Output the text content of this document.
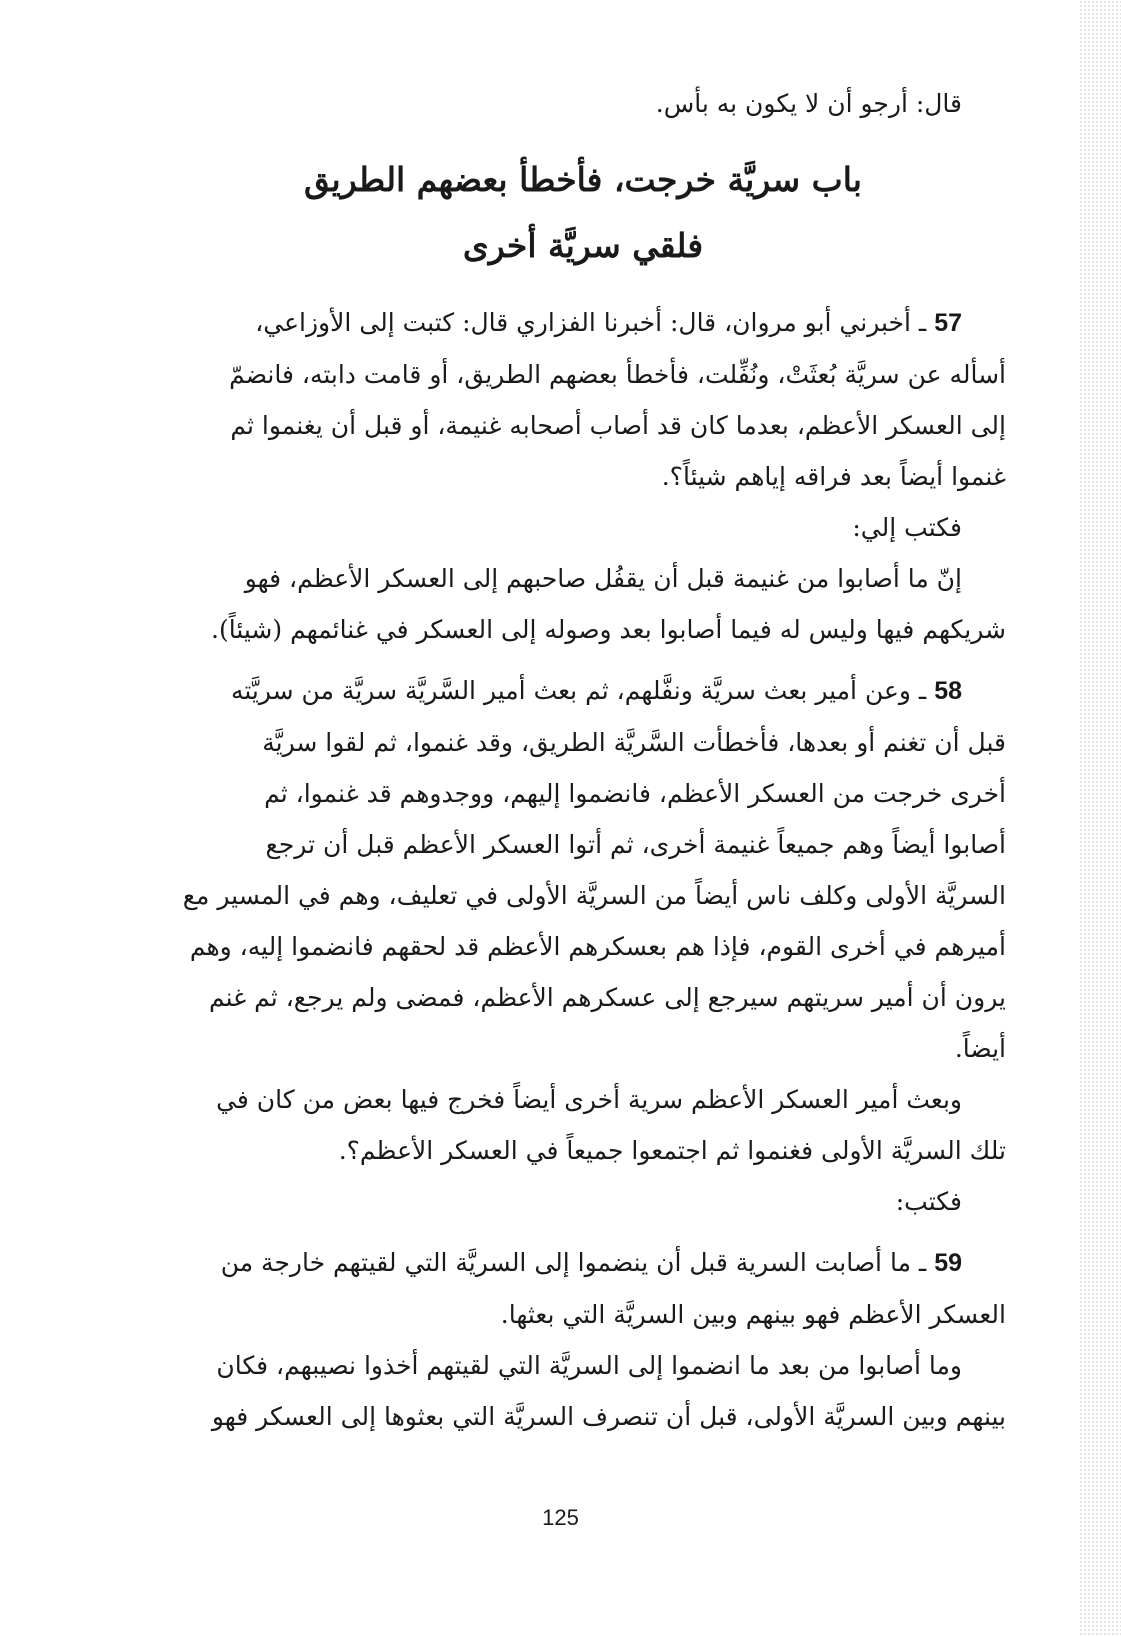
قال: أرجو أن لا يكون به بأس.
باب سريَّة خرجت، فأخطأ بعضهم الطريق
فلقي سريَّة أخرى
57 ـ أخبرني أبو مروان، قال: أخبرنا الفزاري قال: كتبت إلى الأوزاعي،
أسأله عن سريَّة بُعثَتْ، ونُفِّلت، فأخطأ بعضهم الطريق، أو قامت دابته، فانضمّ
إلى العسكر الأعظم، بعدما كان قد أصاب أصحابه غنيمة، أو قبل أن يغنموا ثم
غنموا أيضاً بعد فراقه إياهم شيئاً؟.
فكتب إلي:
إنّ ما أصابوا من غنيمة قبل أن يقفُل صاحبهم إلى العسكر الأعظم، فهو
شريكهم فيها وليس له فيما أصابوا بعد وصوله إلى العسكر في غنائمهم (شيئاً).
58 ـ وعن أمير بعث سريَّة ونفَّلهم، ثم بعث أمير السَّريَّة سريَّة من سريَّته
قبل أن تغنم أو بعدها، فأخطأت السَّريَّة الطريق، وقد غنموا، ثم لقوا سريَّة
أخرى خرجت من العسكر الأعظم، فانضموا إليهم، ووجدوهم قد غنموا، ثم
أصابوا أيضاً وهم جميعاً غنيمة أخرى، ثم أتوا العسكر الأعظم قبل أن ترجع
السريَّة الأولى وكلف ناس أيضاً من السريَّة الأولى في تعليف، وهم في المسير مع
أميرهم في أخرى القوم، فإذا هم بعسكرهم الأعظم قد لحقهم فانضموا إليه، وهم
يرون أن أمير سريتهم سيرجع إلى عسكرهم الأعظم، فمضى ولم يرجع، ثم غنم
أيضاً.
وبعث أمير العسكر الأعظم سرية أخرى أيضاً فخرج فيها بعض من كان في
تلك السريَّة الأولى فغنموا ثم اجتمعوا جميعاً في العسكر الأعظم؟.
فكتب:
59 ـ ما أصابت السرية قبل أن ينضموا إلى السريَّة التي لقيتهم خارجة من
العسكر الأعظم فهو بينهم وبين السريَّة التي بعثها.
وما أصابوا من بعد ما انضموا إلى السريَّة التي لقيتهم أخذوا نصيبهم، فكان
بينهم وبين السريَّة الأولى، قبل أن تنصرف السريَّة التي بعثوها إلى العسكر فهو
125
